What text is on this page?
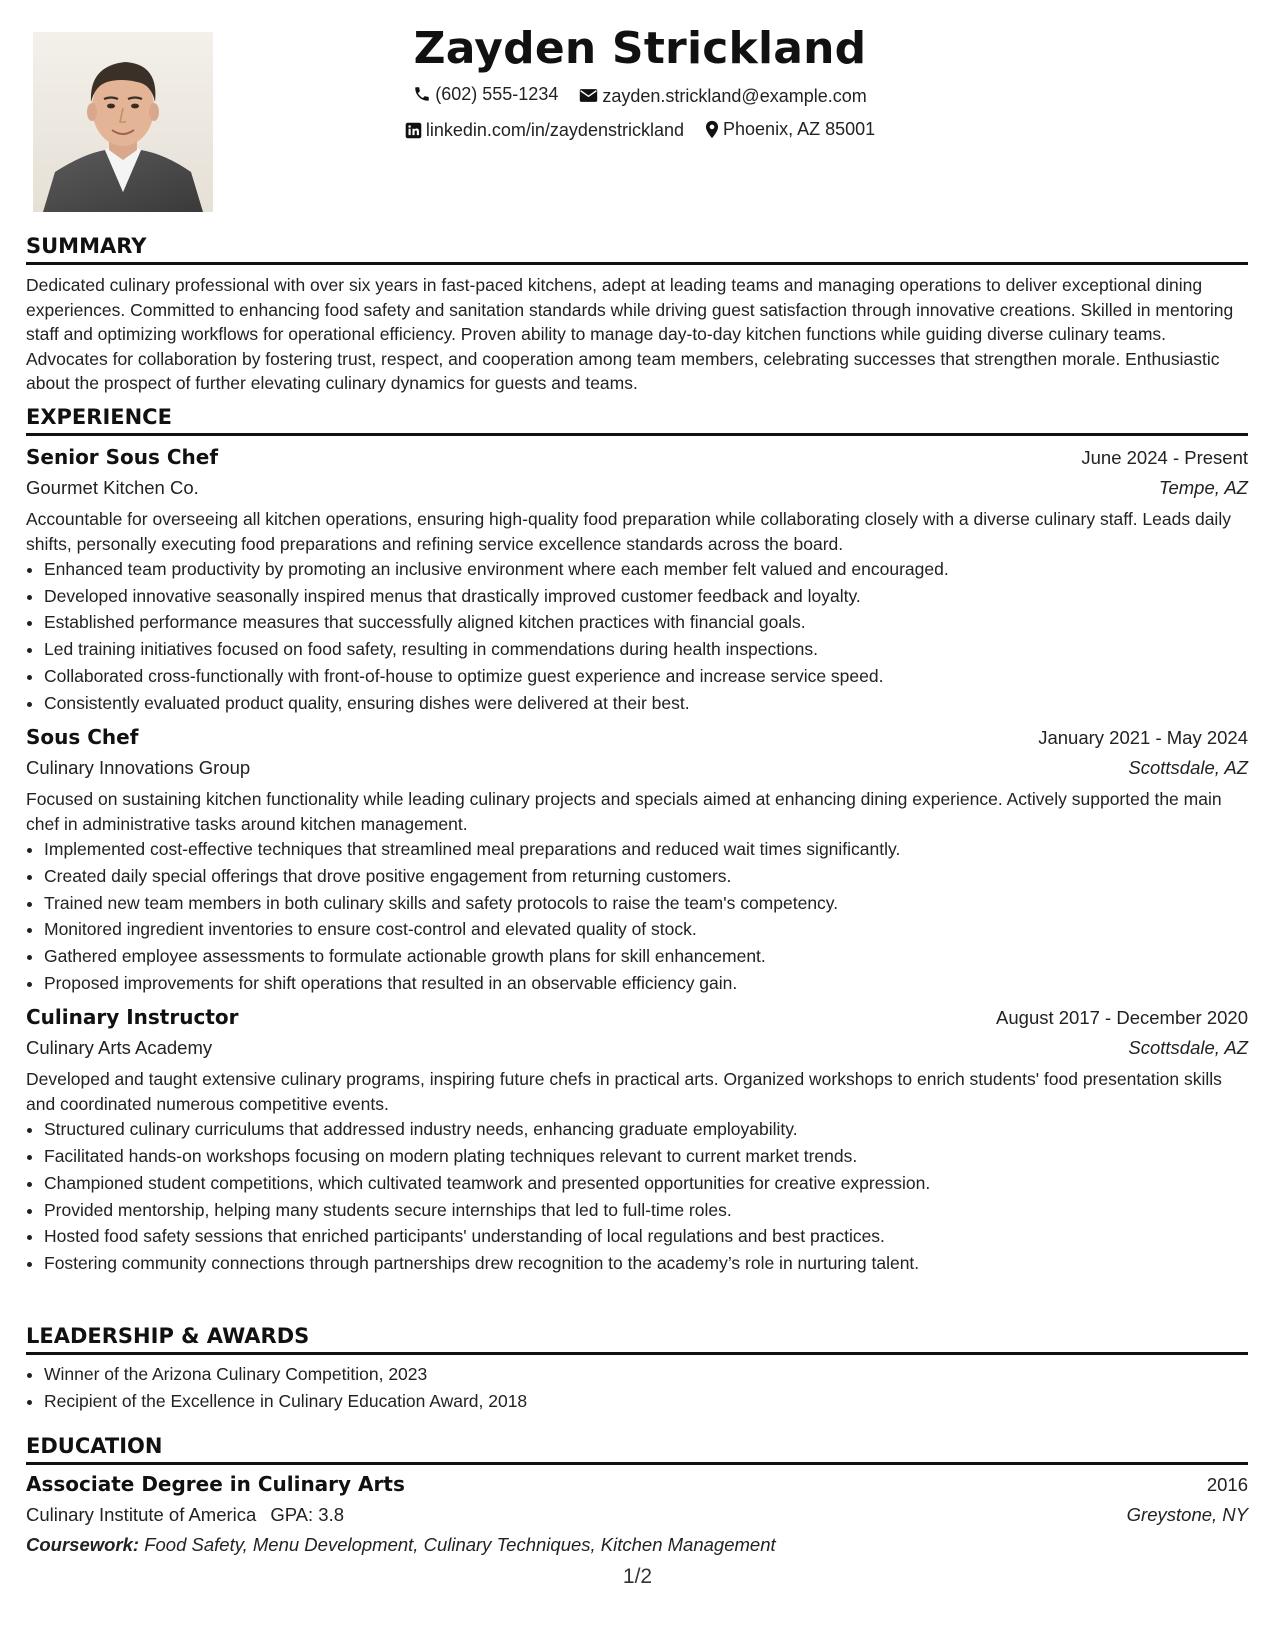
Zayden Strickland
(602) 555-1234
zayden.strickland@example.com
linkedin.com/in/zaydenstrickland
Phoenix, AZ 85001
SUMMARY
Dedicated culinary professional with over six years in fast-paced kitchens, adept at leading teams and managing operations to deliver exceptional dining experiences. Committed to enhancing food safety and sanitation standards while driving guest satisfaction through innovative creations. Skilled in mentoring staff and optimizing workflows for operational efficiency. Proven ability to manage day-to-day kitchen functions while guiding diverse culinary teams. Advocates for collaboration by fostering trust, respect, and cooperation among team members, celebrating successes that strengthen morale. Enthusiastic about the prospect of further elevating culinary dynamics for guests and teams.
EXPERIENCE
Senior Sous Chef	June 2024 - Present
Gourmet Kitchen Co.	Tempe, AZ
Accountable for overseeing all kitchen operations, ensuring high-quality food preparation while collaborating closely with a diverse culinary staff. Leads daily shifts, personally executing food preparations and refining service excellence standards across the board.
• Enhanced team productivity by promoting an inclusive environment where each member felt valued and encouraged.
• Developed innovative seasonally inspired menus that drastically improved customer feedback and loyalty.
• Established performance measures that successfully aligned kitchen practices with financial goals.
• Led training initiatives focused on food safety, resulting in commendations during health inspections.
• Collaborated cross-functionally with front-of-house to optimize guest experience and increase service speed.
• Consistently evaluated product quality, ensuring dishes were delivered at their best.
Sous Chef	January 2021 - May 2024
Culinary Innovations Group	Scottsdale, AZ
Focused on sustaining kitchen functionality while leading culinary projects and specials aimed at enhancing dining experience. Actively supported the main chef in administrative tasks around kitchen management.
• Implemented cost-effective techniques that streamlined meal preparations and reduced wait times significantly.
• Created daily special offerings that drove positive engagement from returning customers.
• Trained new team members in both culinary skills and safety protocols to raise the team's competency.
• Monitored ingredient inventories to ensure cost-control and elevated quality of stock.
• Gathered employee assessments to formulate actionable growth plans for skill enhancement.
• Proposed improvements for shift operations that resulted in an observable efficiency gain.
Culinary Instructor	August 2017 - December 2020
Culinary Arts Academy	Scottsdale, AZ
Developed and taught extensive culinary programs, inspiring future chefs in practical arts. Organized workshops to enrich students' food presentation skills and coordinated numerous competitive events.
• Structured culinary curriculums that addressed industry needs, enhancing graduate employability.
• Facilitated hands-on workshops focusing on modern plating techniques relevant to current market trends.
• Championed student competitions, which cultivated teamwork and presented opportunities for creative expression.
• Provided mentorship, helping many students secure internships that led to full-time roles.
• Hosted food safety sessions that enriched participants' understanding of local regulations and best practices.
• Fostering community connections through partnerships drew recognition to the academy’s role in nurturing talent.
LEADERSHIP & AWARDS
• Winner of the Arizona Culinary Competition, 2023
• Recipient of the Excellence in Culinary Education Award, 2018
EDUCATION
Associate Degree in Culinary Arts	2016
Culinary Institute of America GPA: 3.8	Greystone, NY
Coursework: Food Safety, Menu Development, Culinary Techniques, Kitchen Management
1/2
